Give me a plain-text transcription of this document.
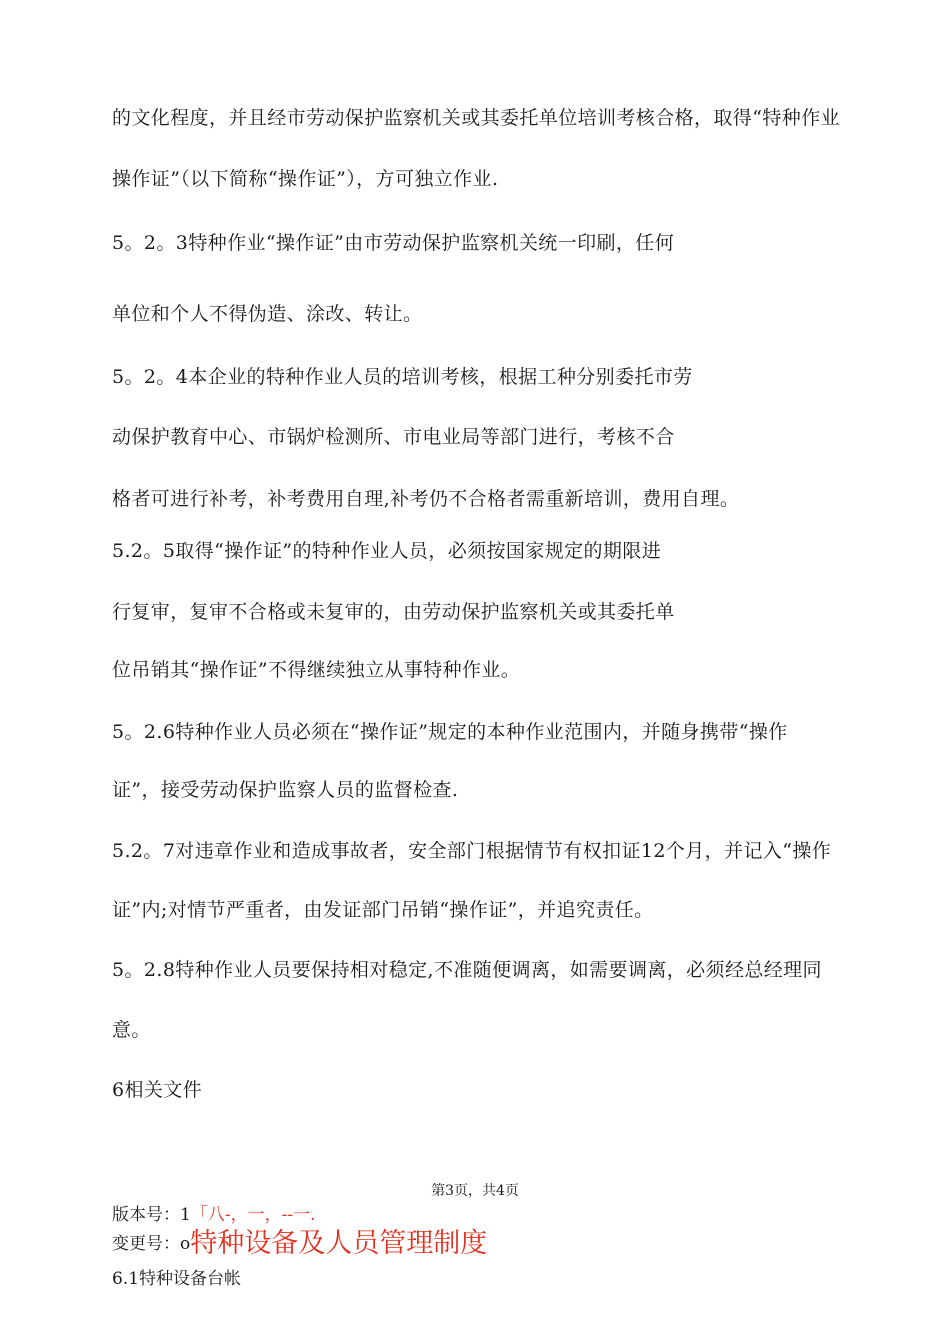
的文化程度，并且经市劳动保护监察机关或其委托单位培训考核合格，取得“特种作业
操作证”（以下简称“操作证”），方可独立作业.
5。2。3特种作业“操作证”由市劳动保护监察机关统一印刷，任何
单位和个人不得伪造、涂改、转让。
5。2。4本企业的特种作业人员的培训考核，根据工种分别委托市劳
动保护教育中心、市锅炉检测所、市电业局等部门进行，考核不合
格者可进行补考，补考费用自理,补考仍不合格者需重新培训，费用自理。
5.2。5取得“操作证”的特种作业人员，必须按国家规定的期限进
行复审，复审不合格或未复审的，由劳动保护监察机关或其委托单
位吊销其“操作证”不得继续独立从事特种作业。
5。2.6特种作业人员必须在“操作证”规定的本种作业范围内，并随身携带“操作
证”，接受劳动保护监察人员的监督检查.
5.2。7对违章作业和造成事故者，安全部门根据情节有权扣证12个月，并记入“操作
证”内;对情节严重者，由发证部门吊销“操作证”，并追究责任。
5。2.8特种作业人员要保持相对稳定,不准随便调离，如需要调离，必须经总经理同
意。
6相关文件
第3页，共4页
版本号：1「八-，一，--一.
变更号：o特种设备及人员管理制度
6.1特种设备台帐
